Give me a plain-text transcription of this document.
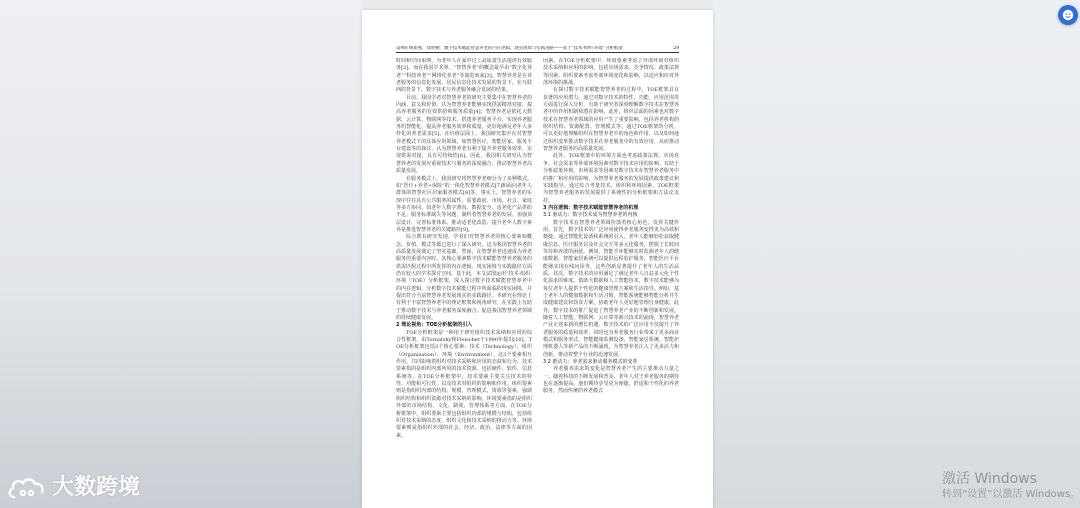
第9期 杨新燕，徐赞桐：数字技术赋能智慧养老的内在逻辑、现实困境与实践进路——基于“技术-组织-环境”分析框架	29

时间和空间束缚，为老年人在家中过上高质量生活提供有效服务[2]。而在我国学术界，“智慧养老”的概念最早由“数字化养老”“科技养老”“网络化养老”等演进而来[3]。智慧养老是在养老服务的信息化发展、居民信息化技术发展的背景下，在互联网的背景下，数字技术与养老服务融合发展的结果。

目前，我国学者对智慧养老的研究主要集中在智慧养老的内涵、意义和价值，认为智慧养老能够实现供需精准对接，提高养老服务的有效供给和服务质量[4]；智慧养老是依托大数据、云计算、物联网等技术，搭建养老服务平台，实现养老服务的智能化，提高养老服务效率和质量，更好地满足老年人多样化的养老需求[5]。在价值层面上，我国研究集中在对智慧养老模式下的具体应用领域，如智慧医疗、智能居家、服务平台建设等的探讨，认为智慧养老有利于提升养老服务效率，实现供需对接，具有可持续性[6]。因此，我国相关研究认为智慧养老的发展应重视技术与服务的深度融合，推动智慧养老高质量发展。

在服务模式上，我国研究将智慧养老细分为了多种模式。如“医疗+养老+保险”的一体化智慧养老模式[7]和面向老年人群体的智慧社区居家服务模式[8]等。事实上，智慧养老的实现中往往具有公共服务的属性，需要政府、市场、社会、家庭等多方协同。如老年人数字鸿沟、数据安全、适老化产品供给不足、服务标准缺失等问题，制约着智慧养老的发展。加强顶层设计、完善标准体系、推动适老化改造、提升老年人数字素养是推进智慧养老的关键路径[9]。

综合既有研究发现，学者们对智慧养老的核心要素如概念、价值、模式等都已进行了深入研究，这为我国智慧养老的高质量发展奠定了坚实基础。然而，在智慧养老迅速成为养老服务的重要内容时，其核心要素数字技术赋能智慧养老服务的供需匹配过程中所发挥的内在逻辑、现实困境与实践路径方面仍有较大的学术探讨空间。基于此，本文试图运用“技术-组织-环境（TOE）分析框架，深入探讨数字技术赋能智慧养老中的内在逻辑，分析数字技术赋能过程中所面临的现实困境，并提出符合当前智慧养老发展现实的实践路径。本研究在理论上有利于丰富智慧养老中的理论框架和视角研究，在实践上有助于推动数字技术与养老服务深度融合，促进我国智慧养老领域的持续健康发展。

2 理论视角：TOE分析框架的引入

TOE分析框架是一种用于研究组织技术采纳和应用的综合性框架，由Tornatzky和Fleischer于1990年提出[10]。TOE分析框架包括3个核心要素：技术（Technology）、组织（Organization）、环境（Environment）。这3个要素相互作用，共同影响着组织对技术采纳和应用的态度和行为。技术要素指的是组织内部所用的技术资源，包括硬件、软件、信息系统等。在TOE分析框架中，技术要素主要关注技术的特性、功能和可行性，以及技术对组织的影响和作用。组织要素则是指组织内部的结构、规模、管理模式、资源等要素，强调组织结构和组织资源对技术采纳的影响。环境要素指的是组织外部的市场结构、文化、制度、管理体系等方面。在TOE分析框架中，组织要素主要包括组织内部的规模与结构，包括组织对技术采纳的态度、组织文化和技术采纳的推动力等。环境要素则是指组织外部的社会、经济、政治、法律等方面的因素。

因素。在TOE分析框架中，环境要素考虑了外部环境对组织技术采纳和应用的影响，包括市场需求、竞争情况、政策法规等因素。组织要素考虑外部环境变化和影响，以适应和应对外部环境的挑战。

在探讨数字技术赋能智慧养老的过程中，TOE框架具有显著的应用潜力。通过对数字技术的特性、功能、应用范围等方面进行深入分析，有助于研究者深刻理解数字技术在智慧养老中的作用机制和潜在影响。此外，组织层面的因素也对数字技术在智慧养老领域的应用产生了重要影响，包括养老机构的组织结构、资源配置、管理模式等。通过TOE框架的分析，可以更好地理解组织在智慧养老中的角色和作用，以及如何通过组织变革推动数字技术在养老服务中的有效应用，从而推动智慧养老服务的高质量发展。

此外，TOE框架中的环境方面也考虑政策法规、市场竞争、社会需求等外部环境因素对数字技术应用的影响。有助于分析政策环境、市场需求等因素对数字技术在智慧养老服务中的推广和应用的影响，为智慧养老服务的发展提供政策建议和实践指导。通过综合考量技术、组织和环境因素，TOE框架为智慧养老服务的发展提供了系统性的分析框架和方法论支持。

3 内在逻辑：数字技术赋能智慧养老的机理
3.1 驱动力：数字技术成为智慧养老的内核

数字技术在智慧养老领域扮演着核心角色，发挥关键作用。首先，数字技术的广泛应用使得养老服务变得更为高效和便捷。通过智能化设备和系统的引入，老年人能够轻松获取健康信息、医疗服务以及社会交互等多元化服务，摆脱了长时间等待和奔波的困扰。例如，智能手环能够实时监测老年人的健康数据，智能家居系统可以提供远程监护服务，智能医疗平台能够实现在线问诊等，这些创新显著提升了老年人的生活品质。其次，数字技术的应用满足了满足老年人日益多元化个性化需求的难度。借助大数据和人工智能技术，数字技术能够为每位老年人提供个性化的健康管理方案和生活指导。例如，基于老年人的健康数据和生活习惯，智能系统能够智能分析并生成健康建议和饮食方案，协助老年人更好地管理自身健康。此外，数字技术的推广促进了智慧养老产业的不断创新和发展。随着人工智能、物联网、云计算等新兴技术的涌现，智慧养老产业正迎来新的增长机遇。数字技术的广泛应用不仅提升了养老服务的质量和效率，同时也为养老服务行业带来了更多商业模式和服务形式。智能健康监测设备、智能家居系统、智能护理机器人等新产品的不断涌现，为智慧养老注入了更多活力和创新，推动着整个行业的迅速发展。

3.2 推动力：养老需求驱动服务模式的变革

养老服务需求的变化是智慧养老产生的主要推动力量之一。随着科技的不断发展和普及，老年人对于养老服务的期待也在逐渐提高。他们期待享受更为便捷、舒适和个性化的养老服务，然而传统的养老模式

大数跨境	激活 Windows
转到“设置”以激活 Windows。
